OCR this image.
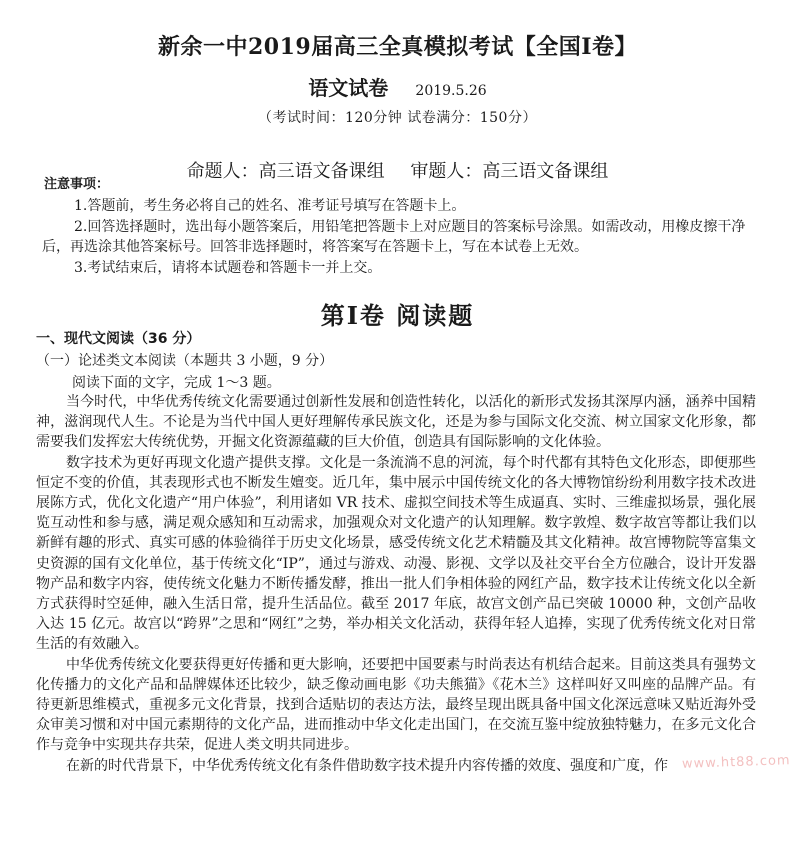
新余一中2019届高三全真模拟考试【全国Ⅰ卷】
语文试卷 2019.5.26
（考试时间：120分钟 试卷满分：150分）
命题人：高三语文备课组 审题人：高三语文备课组
注意事项：

1.答题前，考生务必将自己的姓名、准考证号填写在答题卡上。

2.回答选择题时，选出每小题答案后，用铅笔把答题卡上对应题目的答案标号涂黑。如需改动，用橡皮擦干净后，再选涂其他答案标号。回答非选择题时，将答案写在答题卡上，写在本试卷上无效。

3.考试结束后，请将本试题卷和答题卡一并上交。

第Ⅰ卷 阅读题
一、现代文阅读（36 分）
（一）论述类文本阅读（本题共 3 小题，9 分）
阅读下面的文字，完成 1～3 题。

当今时代，中华优秀传统文化需要通过创新性发展和创造性转化，以活化的新形式发扬其深厚内涵，涵养中国精神，滋润现代人生。不论是为当代中国人更好理解传承民族文化，还是为参与国际文化交流、树立国家文化形象，都需要我们发挥宏大传统优势，开掘文化资源蕴藏的巨大价值，创造具有国际影响的文化体验。

数字技术为更好再现文化遗产提供支撑。文化是一条流淌不息的河流，每个时代都有其特色文化形态，即便那些恒定不变的价值，其表现形式也不断发生嬗变。近几年，集中展示中国传统文化的各大博物馆纷纷利用数字技术改进展陈方式，优化文化遗产“用户体验”，利用诸如 VR 技术、虚拟空间技术等生成逼真、实时、三维虚拟场景，强化展览互动性和参与感，满足观众感知和互动需求，加强观众对文化遗产的认知理解。数字敦煌、数字故宫等都让我们以新鲜有趣的形式、真实可感的体验徜徉于历史文化场景，感受传统文化艺术精髓及其文化精神。故宫博物院等富集文史资源的国有文化单位，基于传统文化“IP”，通过与游戏、动漫、影视、文学以及社交平台全方位融合，设计开发器物产品和数字内容，使传统文化魅力不断传播发酵，推出一批人们争相体验的网红产品，数字技术让传统文化以全新方式获得时空延伸，融入生活日常，提升生活品位。截至 2017 年底，故宫文创产品已突破 10000 种，文创产品收入达 15 亿元。故宫以“跨界”之思和“网红”之势，举办相关文化活动，获得年轻人追捧，实现了优秀传统文化对日常生活的有效融入。

中华优秀传统文化要获得更好传播和更大影响，还要把中国要素与时尚表达有机结合起来。目前这类具有强势文化传播力的文化产品和品牌媒体还比较少，缺乏像动画电影《功夫熊猫》《花木兰》这样叫好又叫座的品牌产品。有待更新思维模式，重视多元文化背景，找到合适贴切的表达方法，最终呈现出既具备中国文化深远意味又贴近海外受众审美习惯和对中国元素期待的文化产品，进而推动中华文化走出国门，在交流互鉴中绽放独特魅力，在多元文化合作与竞争中实现共存共荣，促进人类文明共同进步。

在新的时代背景下，中华优秀传统文化有条件借助数字技术提升内容传播的效度、强度和广度，作	www.ht88.com
